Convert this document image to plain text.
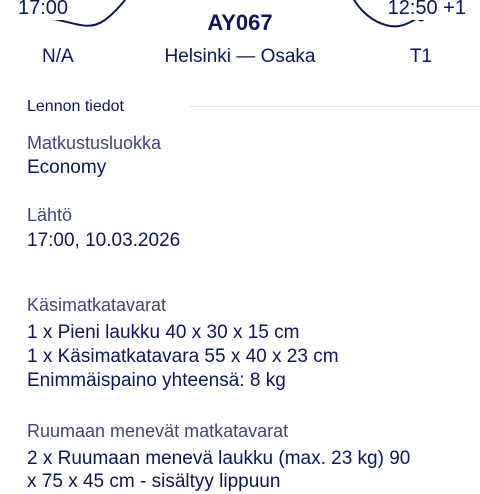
17:00
AY067
12:50 +1
N/A	Helsinki — Osaka	T1
Lennon tiedot
Matkustusluokka
Economy
Lähtö
17:00, 10.03.2026
Käsimatkatavarat
1 x Pieni laukku 40 x 30 x 15 cm
1 x Käsimatkatavara 55 x 40 x 23 cm
Enimmäispaino yhteensä: 8 kg
Ruumaan menevät matkatavarat
2 x Ruumaan menevä laukku (max. 23 kg) 90
x 75 x 45 cm - sisältyy lippuun
